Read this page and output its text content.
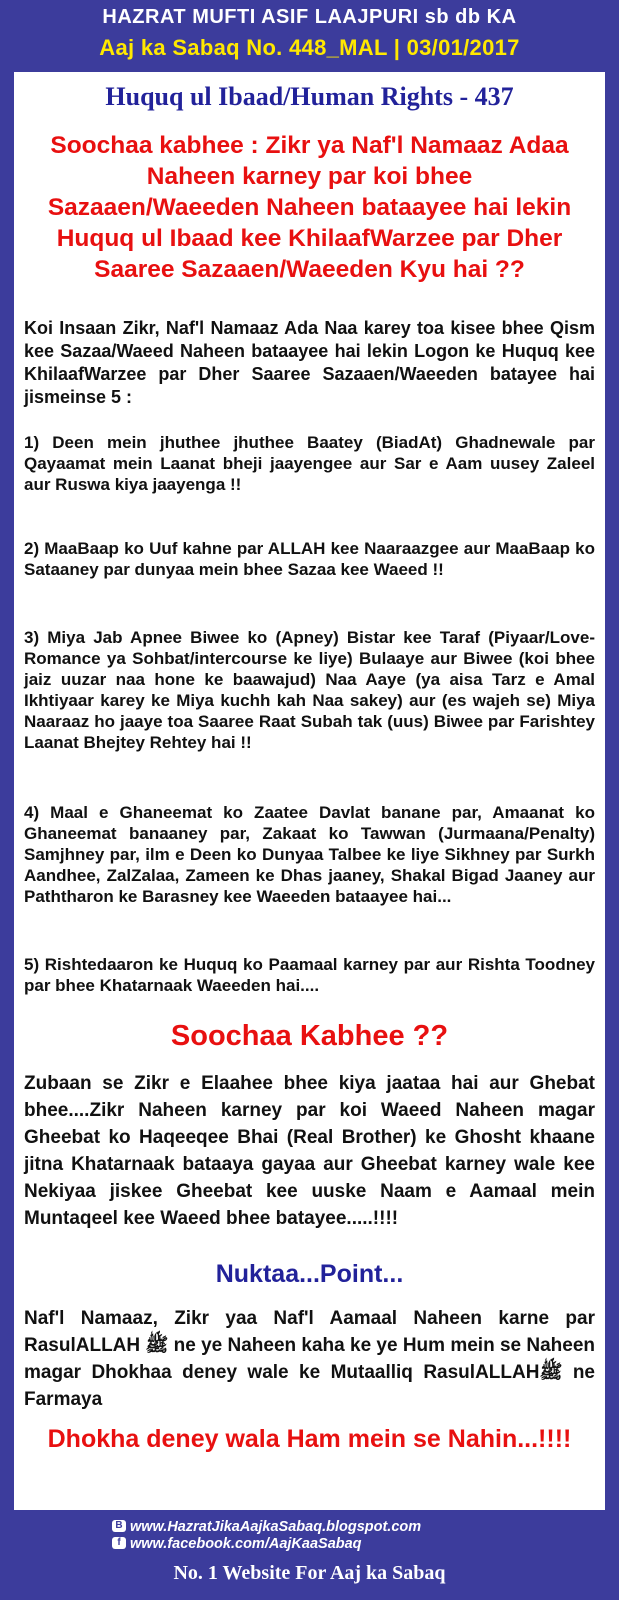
HAZRAT MUFTI ASIF LAAJPURI sb db KA
Aaj ka Sabaq No. 448_MAL | 03/01/2017
Huquq ul Ibaad/Human Rights - 437
Soochaa kabhee : Zikr ya Naf'l Namaaz Adaa
Naheen karney par koi bhee
Sazaaen/Waeeden Naheen bataayee hai lekin
Huquq ul Ibaad kee KhilaafWarzee par Dher
Saaree Sazaaen/Waeeden Kyu hai ??
Koi Insaan Zikr, Naf'l Namaaz Ada Naa karey toa kisee bhee Qism kee Sazaa/Waeed Naheen bataayee hai lekin Logon ke Huquq kee KhilaafWarzee par Dher Saaree Sazaaen/Waeeden batayee hai jismeinse 5 :
1) Deen mein jhuthee jhuthee Baatey (BiadAt) Ghadnewale par Qayaamat mein Laanat bheji jaayengee aur Sar e Aam uusey Zaleel aur Ruswa kiya jaayenga !!
2) MaaBaap ko Uuf kahne par ALLAH kee Naaraazgee aur MaaBaap ko Sataaney par dunyaa mein bhee Sazaa kee Waeed !!
3) Miya Jab Apnee Biwee ko (Apney) Bistar kee Taraf (Piyaar/Love-Romance ya Sohbat/intercourse ke liye) Bulaaye aur Biwee (koi bhee jaiz uuzar naa hone ke baawajud) Naa Aaye (ya aisa Tarz e Amal Ikhtiyaar karey ke Miya kuchh kah Naa sakey) aur (es wajeh se) Miya Naaraaz ho jaaye toa Saaree Raat Subah tak (uus) Biwee par Farishtey Laanat Bhejtey Rehtey hai !!
4) Maal e Ghaneemat ko Zaatee Davlat banane par, Amaanat ko Ghaneemat banaaney par, Zakaat ko Tawwan (Jurmaana/Penalty) Samjhney par, ilm e Deen ko Dunyaa Talbee ke liye Sikhney par Surkh Aandhee, ZalZalaa, Zameen ke Dhas jaaney, Shakal Bigad Jaaney aur Paththaron ke Barasney kee Waeeden bataayee hai...
5) Rishtedaaron ke Huquq ko Paamaal karney par aur Rishta Toodney par bhee Khatarnaak Waeeden hai....
Soochaa Kabhee ??
Zubaan se Zikr e Elaahee bhee kiya jaataa hai aur Ghebat bhee....Zikr Naheen karney par koi Waeed Naheen magar Gheebat ko Haqeeqee Bhai (Real Brother) ke Ghosht khaane jitna Khatarnaak bataaya gayaa aur Gheebat karney wale kee Nekiyaa jiskee Gheebat kee uuske Naam e Aamaal mein Muntaqeel kee Waeed bhee batayee.....!!!!
Nuktaa...Point...
Naf'l Namaaz, Zikr yaa Naf'l Aamaal Naheen karne par RasulALLAH ﷺ ne ye Naheen kaha ke ye Hum mein se Naheen magar Dhokhaa deney wale ke Mutaalliq RasulALLAHﷺ ne Farmaya
Dhokha deney wala Ham mein se Nahin...!!!!
B www.HazratJikaAajkaSabaq.blogspot.com
f www.facebook.com/AajKaaSabaq
No. 1 Website For Aaj ka Sabaq
